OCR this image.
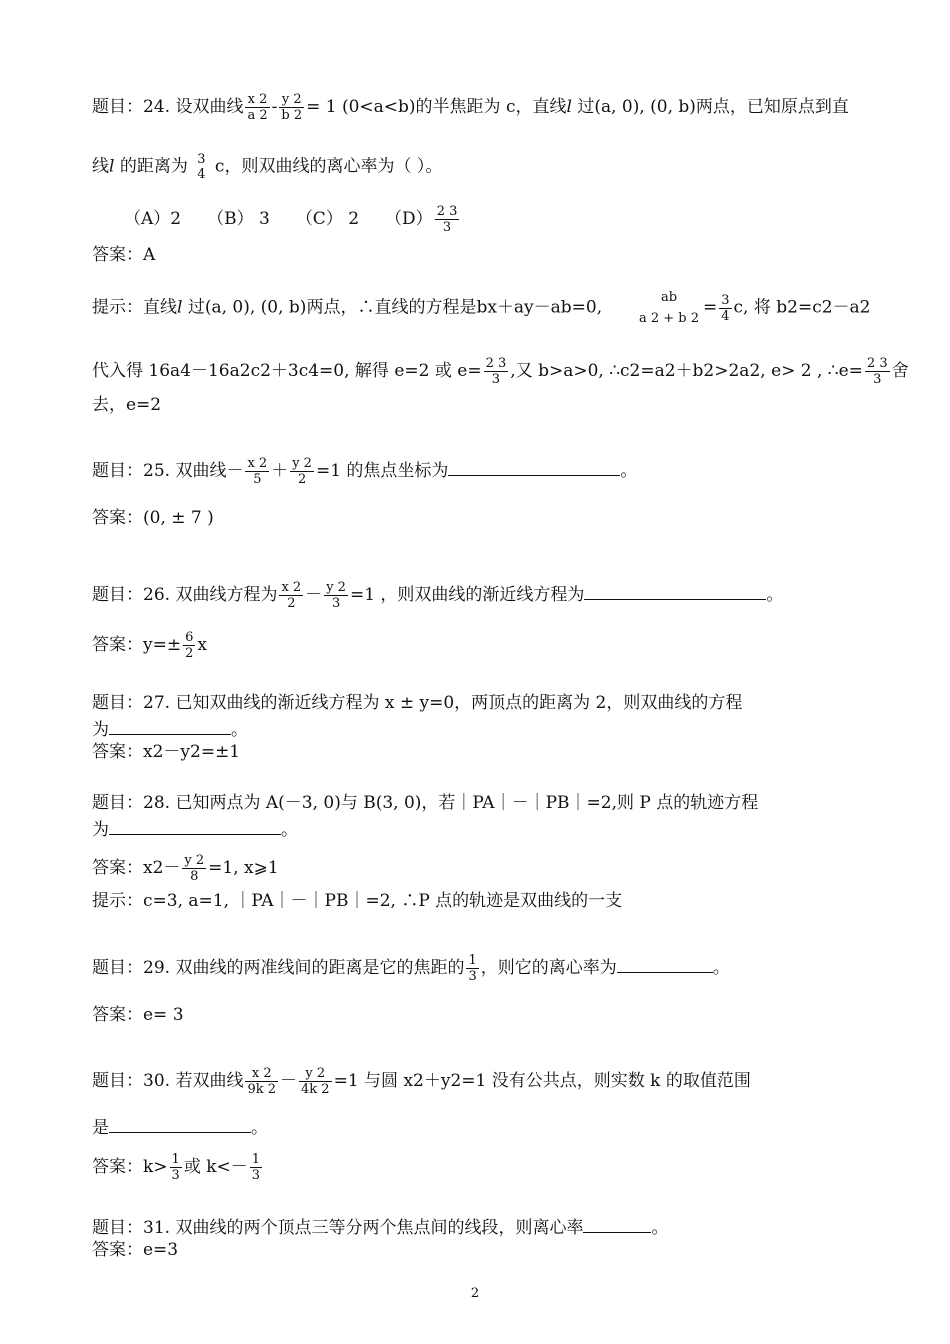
题目：24. 设双曲线 $\frac{x 2}{a 2} - \frac{y 2}{b 2} = 1$ (0<a<b)的半焦距为 c，直线l 过(a, 0), (0, b)两点，已知原点到直
线l 的距离为 3
4 c，则双曲线的离心率为（ ）。
（A）2 （B） 3 （C） 2 $(D) \frac{2 3}{3}$
答案：A
提示：直线l 过(a, 0), (0, b)两点，∴直线的方程是bx＋ay－ab=0,	ab
a 2 + b 2
= $\frac{3}{4} c$, 将 b2=c2－a2
代入得 16a4－16a2c2＋3c4=0, 解得 e=2 或 $e= \frac{2 3}{3}$ ,又 b>a>0, ∴c2=a2＋b2>2a2, e> 2 , ∴e= $\frac{2 3}{3}$ 舍
去，e=2
题目：25. 双曲线－ $\frac{x 2}{5} + \frac{y 2}{2} =1$ 的焦点坐标为	。
答案：(0, ± 7 )
题目：26. 双曲线方程为 $\frac{x 2}{2} - \frac{y 2}{3} =1$ ，则双曲线的渐近线方程为	。
答案：$y=\pm \frac{6}{2}$ x
题目：27. 已知双曲线的渐近线方程为 x ± y=0，两顶点的距离为 2，则双曲线的方程
为	。
答案：x2－y2=±1
题目：28. 已知两点为 A(－3, 0)与 B(3, 0)，若｜PA｜－｜PB｜=2,则 P 点的轨迹方程
为	。
答案：$x2- \frac{y 2}{8} =1$, x⩾1
提示：c=3, a=1, ｜PA｜－｜PB｜=2, ∴P 点的轨迹是双曲线的一支
题目：29. 双曲线的两准线间的距离是它的焦距的 $\frac{1}{3}$ ，则它的离心率为	。
答案：e= 3
题目：30. 若双曲线 $\frac{x 2}{9k 2} - \frac{y 2}{4k 2} =1$ 与圆 x2＋y2=1 没有公共点，则实数 k 的取值范围
是	。
答案：$k> \frac{1}{3}$ 或 $k<- \frac{1}{3}$
题目：31. 双曲线的两个顶点三等分两个焦点间的线段，则离心率	。
答案：e=3
2
